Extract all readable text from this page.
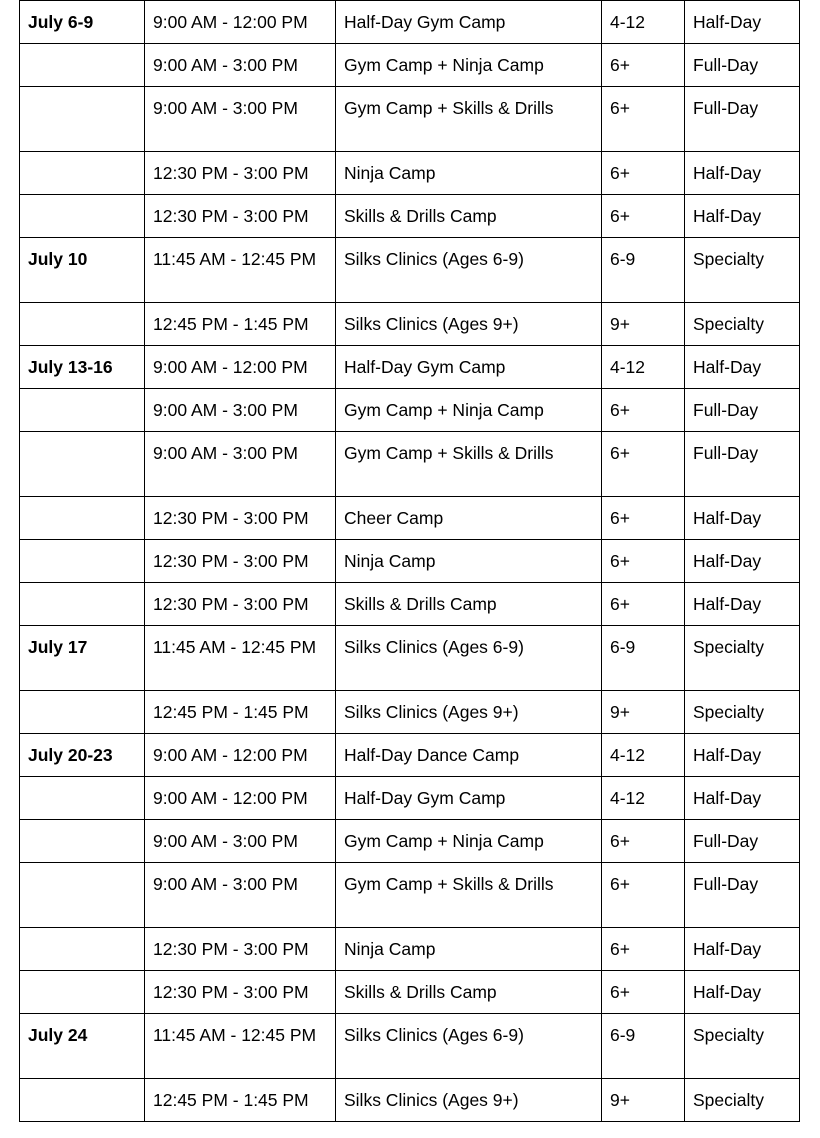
July 6-9	9:00 AM - 12:00 PM	Half-Day Gym Camp	4-12	Half-Day
	9:00 AM - 3:00 PM	Gym Camp + Ninja Camp	6+	Full-Day
	9:00 AM - 3:00 PM	Gym Camp + Skills & Drills	6+	Full-Day
	12:30 PM - 3:00 PM	Ninja Camp	6+	Half-Day
	12:30 PM - 3:00 PM	Skills & Drills Camp	6+	Half-Day
July 10	11:45 AM - 12:45 PM	Silks Clinics (Ages 6-9)	6-9	Specialty
	12:45 PM - 1:45 PM	Silks Clinics (Ages 9+)	9+	Specialty
July 13-16	9:00 AM - 12:00 PM	Half-Day Gym Camp	4-12	Half-Day
	9:00 AM - 3:00 PM	Gym Camp + Ninja Camp	6+	Full-Day
	9:00 AM - 3:00 PM	Gym Camp + Skills & Drills	6+	Full-Day
	12:30 PM - 3:00 PM	Cheer Camp	6+	Half-Day
	12:30 PM - 3:00 PM	Ninja Camp	6+	Half-Day
	12:30 PM - 3:00 PM	Skills & Drills Camp	6+	Half-Day
July 17	11:45 AM - 12:45 PM	Silks Clinics (Ages 6-9)	6-9	Specialty
	12:45 PM - 1:45 PM	Silks Clinics (Ages 9+)	9+	Specialty
July 20-23	9:00 AM - 12:00 PM	Half-Day Dance Camp	4-12	Half-Day
	9:00 AM - 12:00 PM	Half-Day Gym Camp	4-12	Half-Day
	9:00 AM - 3:00 PM	Gym Camp + Ninja Camp	6+	Full-Day
	9:00 AM - 3:00 PM	Gym Camp + Skills & Drills	6+	Full-Day
	12:30 PM - 3:00 PM	Ninja Camp	6+	Half-Day
	12:30 PM - 3:00 PM	Skills & Drills Camp	6+	Half-Day
July 24	11:45 AM - 12:45 PM	Silks Clinics (Ages 6-9)	6-9	Specialty
	12:45 PM - 1:45 PM	Silks Clinics (Ages 9+)	9+	Specialty
